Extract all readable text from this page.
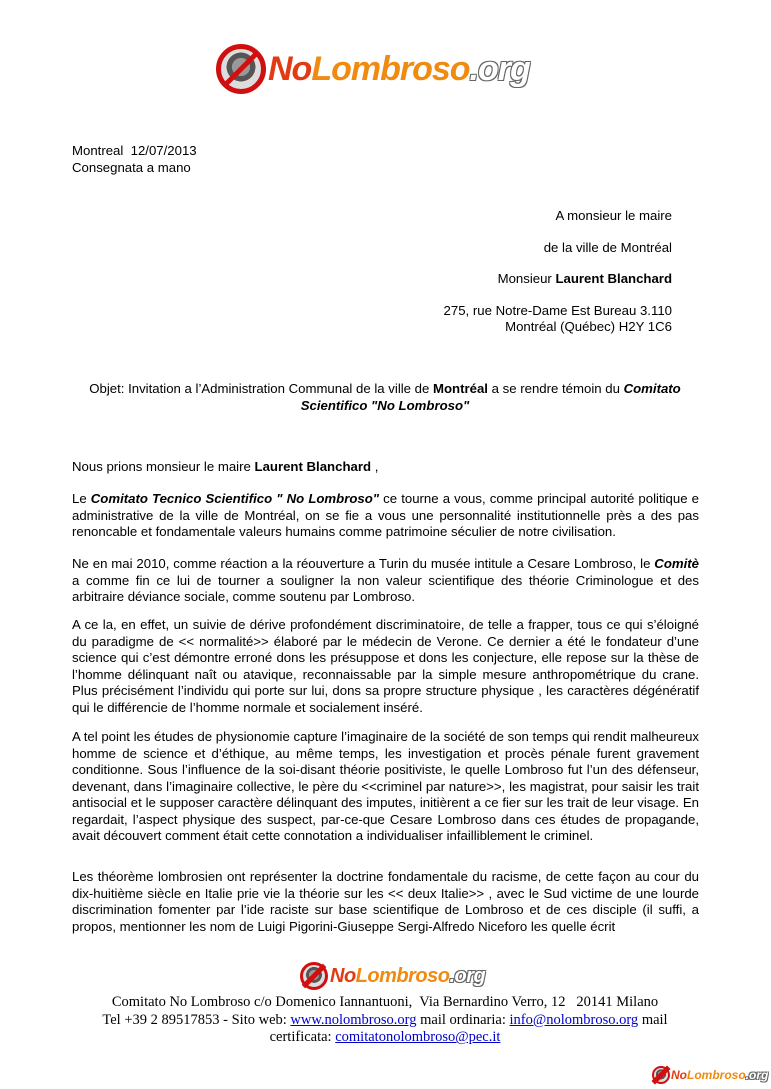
NoLombroso.org
Montreal  12/07/2013
Consegnata a mano
A monsieur le maire
de la ville de Montréal
Monsieur Laurent Blanchard
275, rue Notre-Dame Est Bureau 3.110
Montréal (Québec) H2Y 1C6
Objet: Invitation a l’Administration Communal de la ville de Montréal a se rendre témoin du Comitato Scientifico "No Lombroso"
Nous prions monsieur le maire Laurent Blanchard ,

Le Comitato Tecnico Scientifico " No Lombroso" ce tourne a vous, comme principal autorité politique e administrative de la ville de Montréal, on se fie a vous une personnalité institutionnelle près a des pas renoncable et fondamentale valeurs humains comme patrimoine séculier de notre civilisation.

Ne en mai 2010, comme réaction a la réouverture a Turin du musée intitule a Cesare Lombroso, le Comitè a comme fin ce lui de tourner a souligner la non valeur scientifique des théorie Criminologue et des arbitraire déviance sociale, comme soutenu par Lombroso.

A ce la, en effet, un suivie de dérive profondément discriminatoire, de telle a frapper, tous ce qui s’éloigné du paradigme de << normalité>> élaboré par le médecin de Verone. Ce dernier a été le fondateur d’une science qui c’est démontre erroné dons les présuppose et dons les conjecture, elle repose sur la thèse de l’homme délinquant naît ou atavique, reconnaissable par la simple mesure anthropométrique du crane. Plus précisément l’individu qui porte sur lui, dons sa propre structure physique , les caractères dégénératif qui le différencie de l’homme normale et socialement inséré.

A tel point les études de physionomie capture l’imaginaire de la société de son temps qui rendit malheureux homme de science et d’éthique, au même temps, les investigation et procès pénale furent gravement conditionne. Sous l’influence de la soi-disant théorie positiviste, le quelle Lombroso fut l’un des défenseur, devenant, dans l’imaginaire collective, le père du <<criminel par nature>>, les magistrat, pour saisir les trait antisocial et le supposer caractère délinquant des imputes, initièrent a ce fier sur les trait de leur visage. En regardait, l’aspect physique des suspect, par-ce-que Cesare Lombroso dans ces études de propagande, avait découvert comment était cette connotation a individualiser infailliblement le criminel.

Les théorème lombrosien ont représenter la doctrine fondamentale du racisme, de cette façon au cour du dix-huitième siècle en Italie prie vie la théorie sur les << deux Italie>> , avec le Sud victime de une lourde discrimination fomenter par l’ide raciste sur base scientifique de Lombroso et de ces disciple (il suffi, a propos, mentionner les nom de Luigi Pigorini-Giuseppe Sergi-Alfredo Niceforo les quelle écrit

NoLombroso.org
Comitato No Lombroso c/o Domenico Iannantuoni,  Via Bernardino Verro, 12   20141 Milano
Tel +39 2 89517853 - Sito web: www.nolombroso.org mail ordinaria: info@nolombroso.org mail
certificata: comitatonolombroso@pec.it
NoLombroso.org
